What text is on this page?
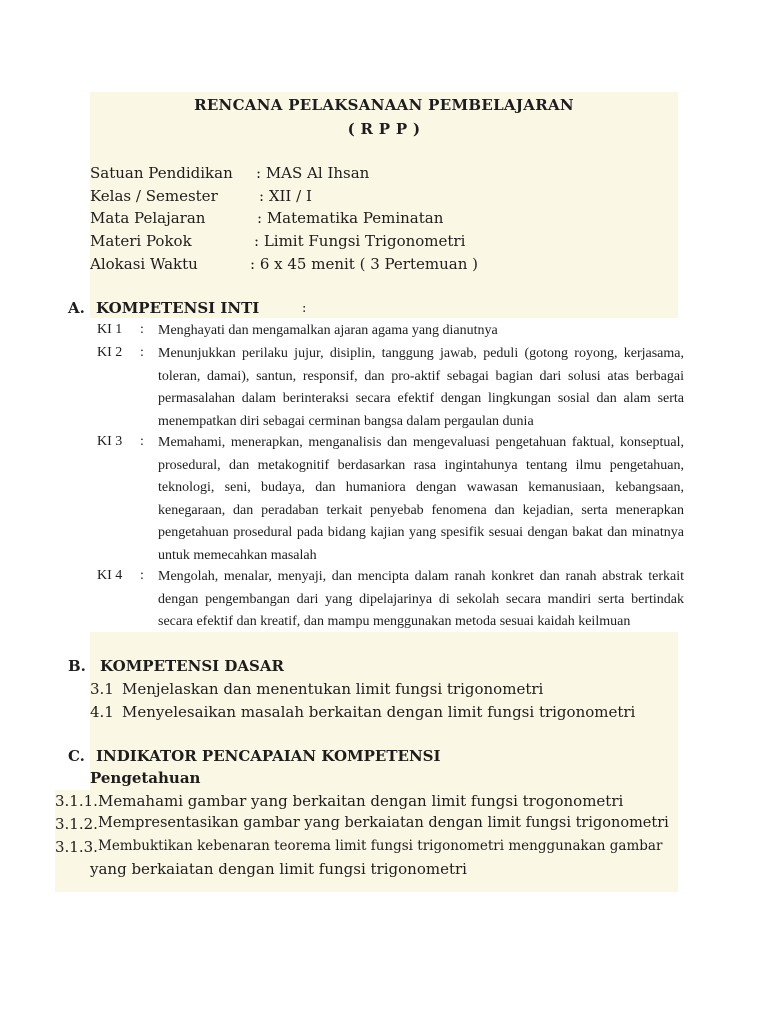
RENCANA PELAKSANAAN PEMBELAJARAN
( R P P )
Satuan Pendidikan : MAS Al Ihsan
Kelas / Semester	: XII / I
Mata Pelajaran	: Matematika Peminatan
Materi Pokok	: Limit Fungsi Trigonometri
Alokasi Waktu	: 6 x 45 menit ( 3 Pertemuan )
A. KOMPETENSI INTI	:
KI 1 : Menghayati dan mengamalkan ajaran agama yang dianutnya
KI 2 : Menunjukkan perilaku jujur, disiplin, tanggung jawab, peduli (gotong royong, kerjasama, toleran, damai), santun, responsif, dan pro-aktif sebagai bagian dari solusi atas berbagai permasalahan dalam berinteraksi secara efektif dengan lingkungan sosial dan alam serta menempatkan diri sebagai cerminan bangsa dalam pergaulan dunia
KI 3 : Memahami, menerapkan, menganalisis dan mengevaluasi pengetahuan faktual, konseptual, prosedural, dan metakognitif berdasarkan rasa ingintahunya tentang ilmu pengetahuan, teknologi, seni, budaya, dan humaniora dengan wawasan kemanusiaan, kebangsaan, kenegaraan, dan peradaban terkait penyebab fenomena dan kejadian, serta menerapkan pengetahuan prosedural pada bidang kajian yang spesifik sesuai dengan bakat dan minatnya untuk memecahkan masalah
KI 4 : Mengolah, menalar, menyaji, dan mencipta dalam ranah konkret dan ranah abstrak terkait dengan pengembangan dari yang dipelajarinya di sekolah secara mandiri serta bertindak secara efektif dan kreatif, dan mampu menggunakan metoda sesuai kaidah keilmuan
B. KOMPETENSI DASAR
3.1 Menjelaskan dan menentukan limit fungsi trigonometri
4.1 Menyelesaikan masalah berkaitan dengan limit fungsi trigonometri
C. INDIKATOR PENCAPAIAN KOMPETENSI
Pengetahuan
3.1.1. Memahami gambar yang berkaitan dengan limit fungsi trogonometri
3.1.2. Mempresentasikan gambar yang berkaiatan dengan limit fungsi trigonometri
3.1.3. Membuktikan kebenaran teorema limit fungsi trigonometri menggunakan gambar
yang berkaiatan dengan limit fungsi trigonometri
